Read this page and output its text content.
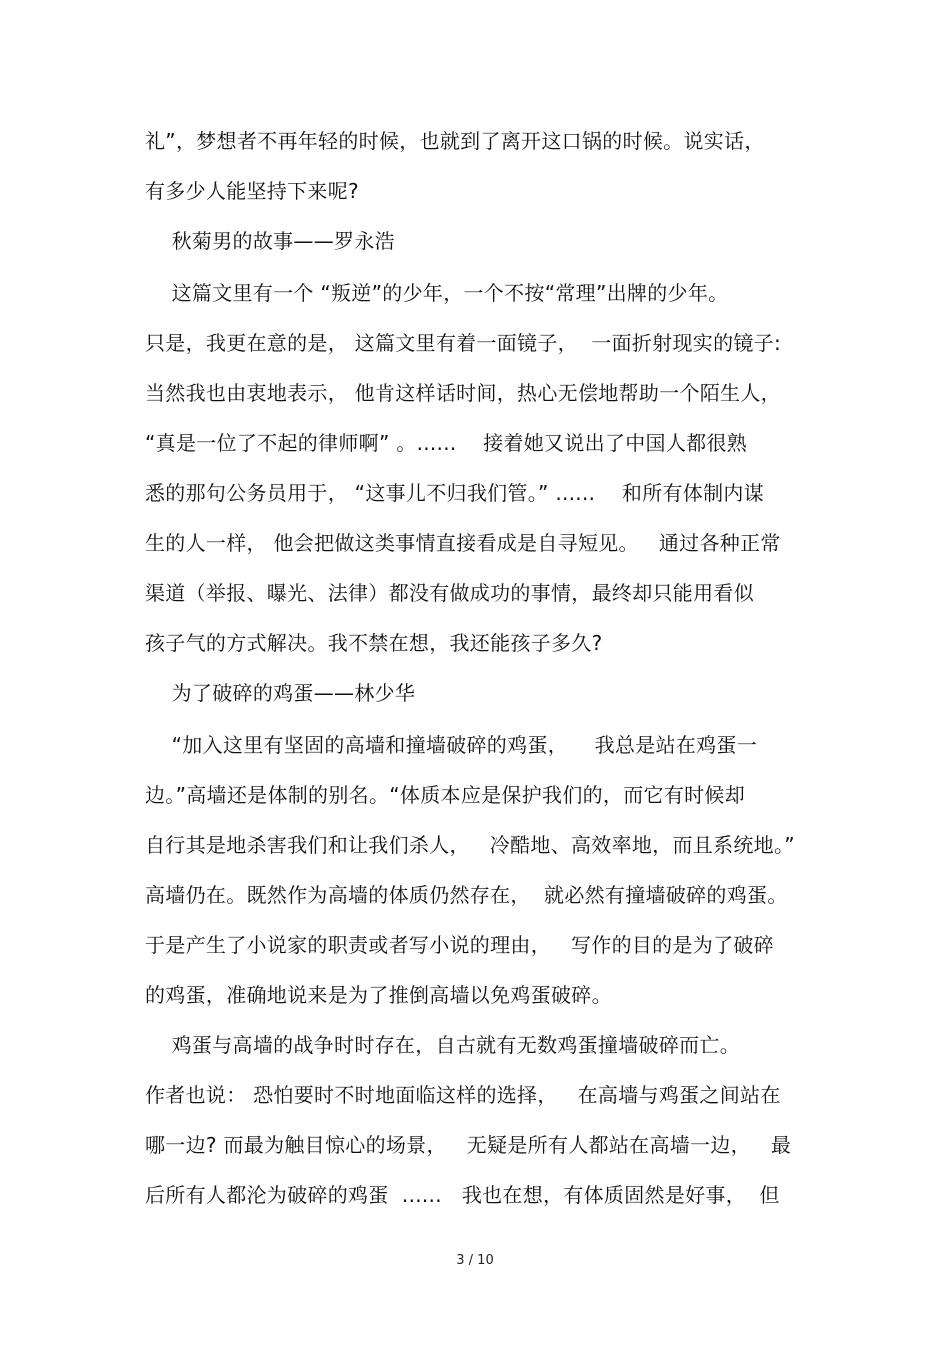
礼”，梦想者不再年轻的时候，也就到了离开这口锅的时候。说实话，
有多少人能坚持下来呢?
秋菊男的故事——罗永浩
这篇文里有一个 “叛逆”的少年，一个不按“常理”出牌的少年。
只是，我更在意的是， 这篇文里有着一面镜子，  一面折射现实的镜子:
当然我也由衷地表示， 他肯这样话时间，热心无偿地帮助一个陌生人，
“真是一位了不起的律师啊” 。......    接着她又说出了中国人都很熟
悉的那句公务员用于， “这事儿不归我们管。” ......    和所有体制内谋
生的人一样， 他会把做这类事情直接看成是自寻短见。   通过各种正常
渠道（举报、曝光、法律）都没有做成功的事情，最终却只能用看似
孩子气的方式解决。我不禁在想，我还能孩子多久?
为了破碎的鸡蛋——林少华
“加入这里有坚固的高墙和撞墙破碎的鸡蛋，    我总是站在鸡蛋一
边。”高墙还是体制的别名。“体质本应是保护我们的，而它有时候却
自行其是地杀害我们和让我们杀人，   冷酷地、高效率地，而且系统地。”
高墙仍在。既然作为高墙的体质仍然存在，  就必然有撞墙破碎的鸡蛋。
于是产生了小说家的职责或者写小说的理由，   写作的目的是为了破碎
的鸡蛋，准确地说来是为了推倒高墙以免鸡蛋破碎。
鸡蛋与高墙的战争时时存在，自古就有无数鸡蛋撞墙破碎而亡。
作者也说： 恐怕要时不时地面临这样的选择，   在高墙与鸡蛋之间站在
哪一边? 而最为触目惊心的场景，   无疑是所有人都站在高墙一边，   最
后所有人都沦为破碎的鸡蛋  ......   我也在想，有体质固然是好事，  但
3 / 10
